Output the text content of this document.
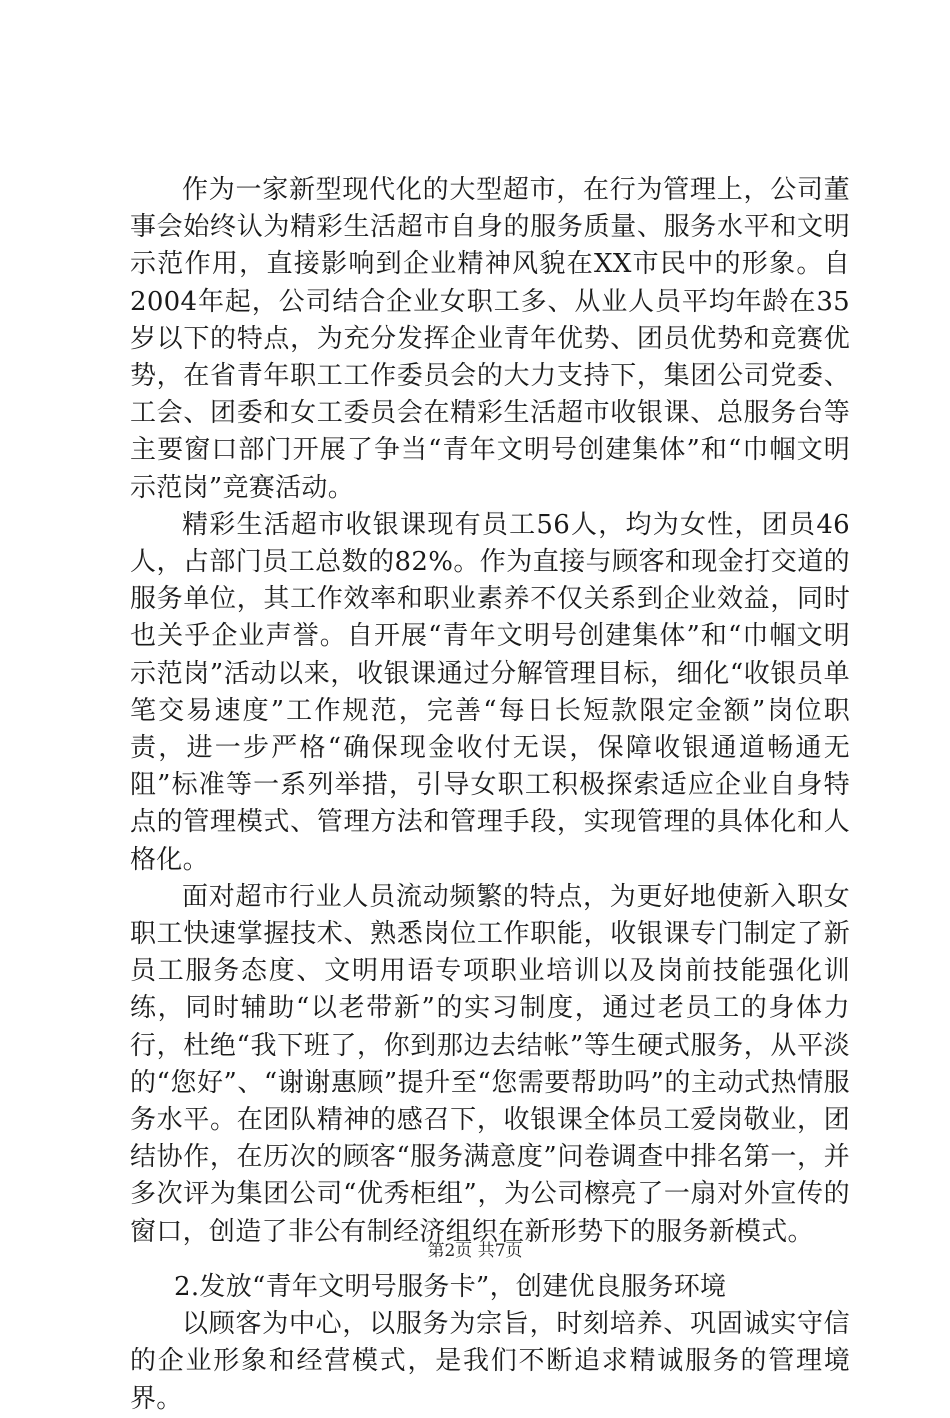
作为一家新型现代化的大型超市，在行为管理上，公司董事会始终认为精彩生活超市自身的服务质量、服务水平和文明示范作用，直接影响到企业精神风貌在XX市民中的形象。自2004年起，公司结合企业女职工多、从业人员平均年龄在35岁以下的特点，为充分发挥企业青年优势、团员优势和竞赛优势，在省青年职工工作委员会的大力支持下，集团公司党委、工会、团委和女工委员会在精彩生活超市收银课、总服务台等主要窗口部门开展了争当“青年文明号创建集体”和“巾帼文明示范岗”竞赛活动。

精彩生活超市收银课现有员工56人，均为女性，团员46人，占部门员工总数的82%。作为直接与顾客和现金打交道的服务单位，其工作效率和职业素养不仅关系到企业效益，同时也关乎企业声誉。自开展“青年文明号创建集体”和“巾帼文明示范岗”活动以来，收银课通过分解管理目标，细化“收银员单笔交易速度”工作规范，完善“每日长短款限定金额”岗位职责，进一步严格“确保现金收付无误，保障收银通道畅通无阻”标准等一系列举措，引导女职工积极探索适应企业自身特点的管理模式、管理方法和管理手段，实现管理的具体化和人格化。

面对超市行业人员流动频繁的特点，为更好地使新入职女职工快速掌握技术、熟悉岗位工作职能，收银课专门制定了新员工服务态度、文明用语专项职业培训以及岗前技能强化训练，同时辅助“以老带新”的实习制度，通过老员工的身体力行，杜绝“我下班了，你到那边去结帐”等生硬式服务，从平淡的“您好”、“谢谢惠顾”提升至“您需要帮助吗”的主动式热情服务水平。在团队精神的感召下，收银课全体员工爱岗敬业，团结协作，在历次的顾客“服务满意度”问卷调查中排名第一，并多次评为集团公司“优秀柜组”，为公司檫亮了一扇对外宣传的窗口，创造了非公有制经济组织在新形势下的服务新模式。

2.发放“青年文明号服务卡”，创建优良服务环境

以顾客为中心，以服务为宗旨，时刻培养、巩固诚实守信的企业形象和经营模式，是我们不断追求精诚服务的管理境界。

第2页 共7页
